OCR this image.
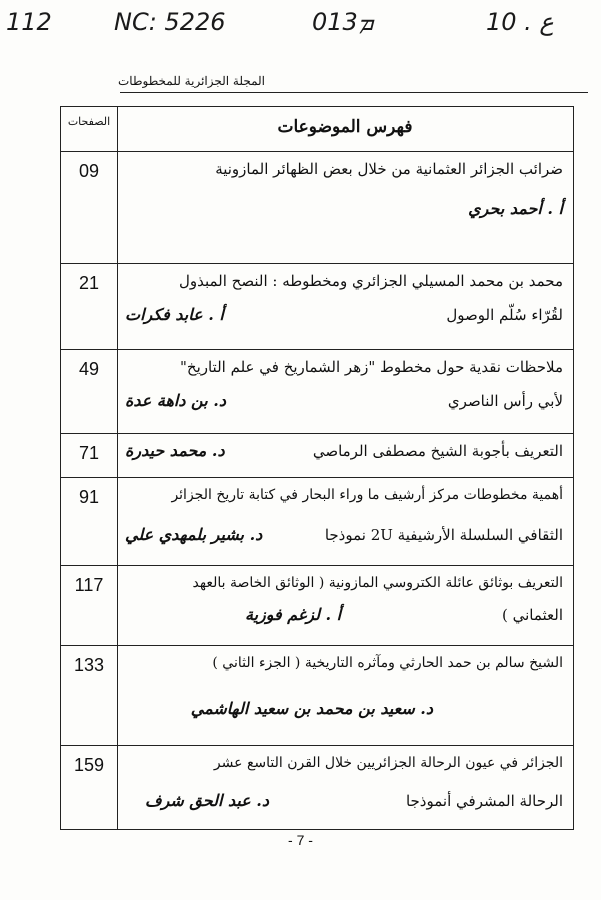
112	NC: 5226	ܡ013	ع . 10
المجلة الجزائرية للمخطوطات
الصفحات	فهرس الموضوعات
09	ضرائب الجزائر العثمانية من خلال بعض الظهائر المازونية
أ . أحمد بحري
21	محمد بن محمد المسيلي الجزائري ومخطوطه : النصح المبذول
لقُرّاء سُلّم الوصول
أ . عابد فكرات
49	ملاحظات نقدية حول مخطوط "زهر الشماريخ في علم التاريخ"
لأبي رأس الناصري
د. بن داهة عدة
71	التعريف بأجوبة الشيخ مصطفى الرماصي
د. محمد حيدرة
91	أهمية مخطوطات مركز أرشيف ما وراء البحار في كتابة تاريخ الجزائر
الثقافي السلسلة الأرشيفية 2U نموذجا
د. بشير بلمهدي علي
117	التعريف بوثائق عائلة الكتروسي المازونية ( الوثائق الخاصة بالعهد
العثماني )
أ . لزغم فوزية
133	الشيخ سالم بن حمد الحارثي ومآثره التاريخية ( الجزء الثاني )
د. سعيد بن محمد بن سعيد الهاشمي
159	الجزائر في عيون الرحالة الجزائريين خلال القرن التاسع عشر
الرحالة المشرفي أنموذجا
د. عبد الحق شرف
- 7 -
